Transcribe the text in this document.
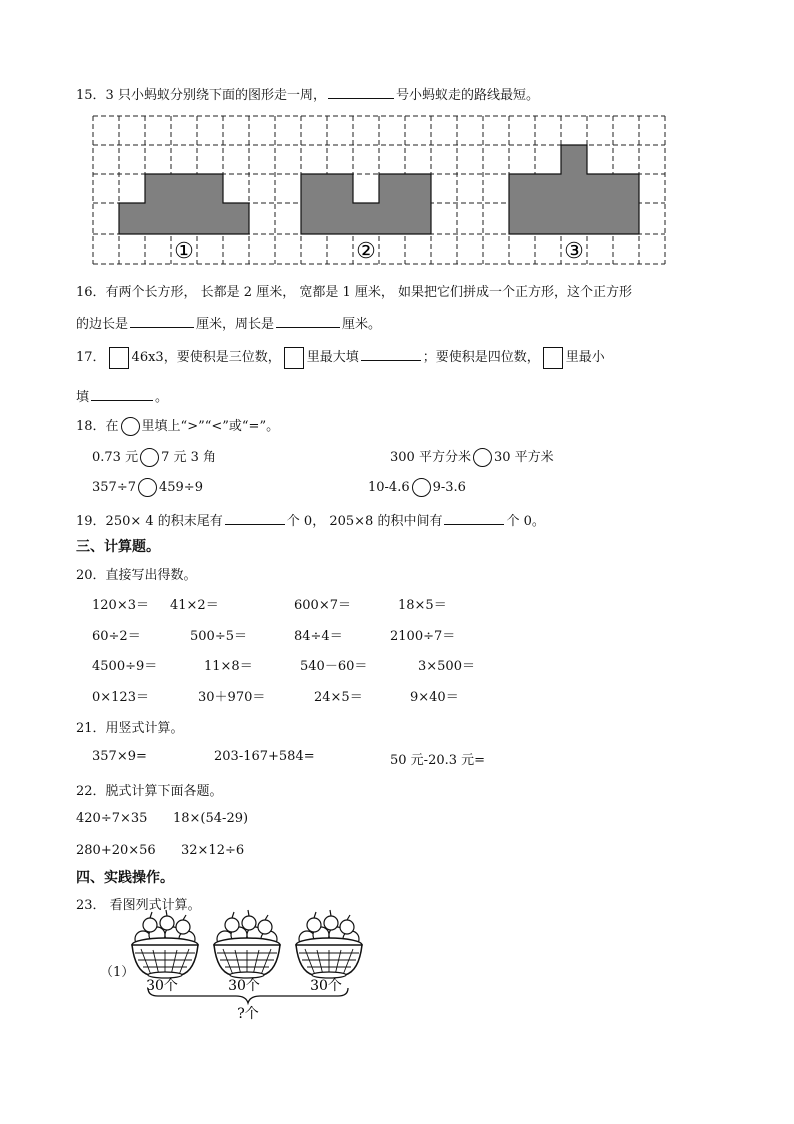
15．3 只小蚂蚁分别绕下面的图形走一周，	号小蚂蚁走的路线最短。
①	②	③
16．有两个长方形， 长都是 2 厘米， 宽都是 1 厘米， 如果把它们拼成一个正方形，这个正方形
的边长是	厘米，周长是	厘米。
17． 46x3，要使积是三位数， 里最大填	；要使积是四位数， 里最小
填	。
18．在 里填上“>”“<”或“=”。
0.73 元 7 元 3 角	300 平方分米 30 平方米
357÷7 459÷9	10-4.6 9-3.6
19．250× 4 的积末尾有	个 0， 205×8 的积中间有	个 0。
三、计算题。
20．直接写出得数。
120×3＝ 41×2＝	600×7＝	18×5＝
60÷2＝	500÷5＝	84÷4＝	2100÷7＝
4500÷9＝	11×8＝	540－60＝	3×500＝
0×123＝	30＋970＝	24×5＝	9×40＝
21．用竖式计算。
357×9=	203-167+584=	50 元-20.3 元=
22．脱式计算下面各题。
420÷7×35 18×(54-29)
280+20×56 32×12÷6
四、实践操作。
23． 看图列式计算。
（1）
30个	30个	30个
?个
